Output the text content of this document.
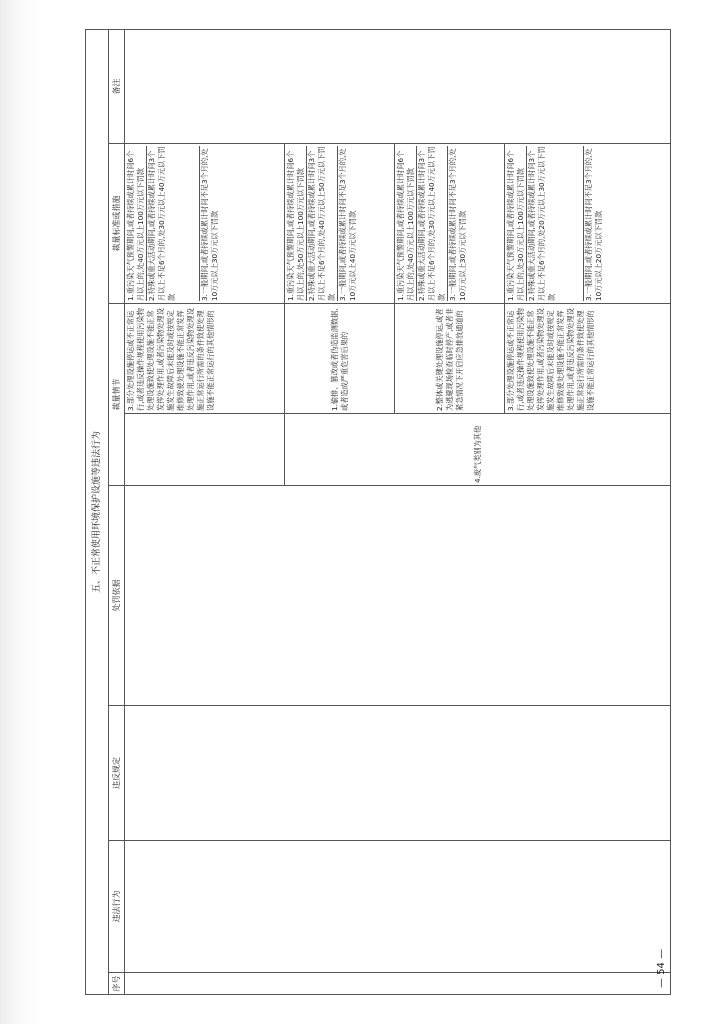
五、不正常使用环境保护设施等违法行为							
序号	违法行为	违反规定	处罚依据	裁量情节		裁量标准或措施	备注
					3.部分处理设施停运或不正常运行,或者违反操作规程使用污染物处理设施致使处理设施不能正常发挥处理作用,或者污染物处理设施发生故障后未能及时或按规定维修致使处理设施不能正常发挥处理作用,或者违反污染物处理设施正常运行所需的条件致使处理设施不能正常运行的其他情形的	1.重污染天气预警期间,或者持续或累计时间6个月以上的,处40万元以上100万元以下罚款 2.特殊或重大活动期间,或者持续或累计时间3个月以上不足6个月的,处30万元以上40万元以下罚款 3.一般期间,或者持续或累计时间不足3个月的,处10万元以上30万元以下罚款	

				4.废气类别为其他	1.偷排、篡改或者伪造监测数据,或者造成严重危害后果的	1.重污染天气预警期间,或者持续或累计时间6个月以上的,处50万元以上100万元以下罚款 2.特殊或重大活动期间,或者持续或累计时间3个月以上不足6个月的,处40万元以上50万元以下罚款 3.一般期间,或者持续或累计时间不足3个月的,处10万元以上40万元以下罚款	

					2.整体或关键处理设施停运,或者为逃避现场检查临时停产,或者非紧急情况下开启应急排放通道的	1.重污染天气预警期间,或者持续或累计时间6个月以上的,处40万元以上100万元以下罚款 2.特殊或重大活动期间,或者持续或累计时间3个月以上不足6个月的,处30万元以上40万元以下罚款 3.一般期间,或者持续或累计时间不足3个月的,处10万元以上30万元以下罚款	

					3.部分处理设施停运或不正常运行,或者违反操作规程使用污染物处理设施致使处理设施不能正常发挥处理作用,或者污染物处理设施发生故障后未能及时或按规定维修致使处理设施不能正常发挥处理作用,或者违反污染物处理设施正常运行所需的条件致使处理设施不能正常运行的其他情形的	1.重污染天气预警期间,或者持续或累计时间6个月以上的,处30万元以上100万元以下罚款 2.特殊或重大活动期间,或者持续或累计时间3个月以上不足6个月的,处20万元以上30万元以下罚款 3.一般期间,或者持续或累计时间不足3个月的,处10万元以上20万元以下罚款	
— 54 —
